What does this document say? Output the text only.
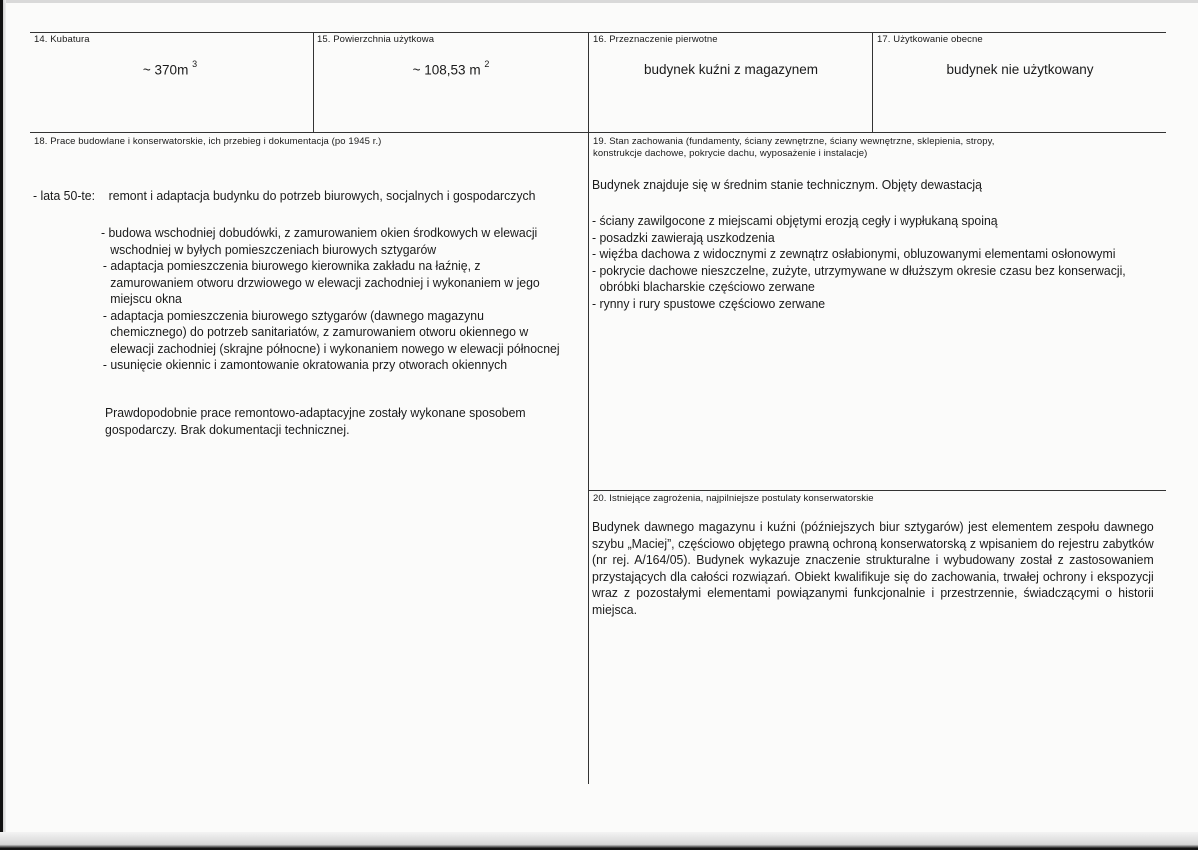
14. Kubatura
~ 370m $^3$
15. Powierzchnia użytkowa
~ 108,53 m $^2$
16. Przeznaczenie pierwotne
budynek kuźni z magazynem
17. Użytkowanie obecne
budynek nie użytkowany
18. Prace budowlane i konserwatorskie, ich przebieg i dokumentacja (po 1945 r.)
- lata 50-te: remont i adaptacja budynku do potrzeb biurowych, socjalnych i gospodarczych
- budowa wschodniej dobudówki, z zamurowaniem okien środkowych w elewacji
wschodniej w byłych pomieszczeniach biurowych sztygarów
- adaptacja pomieszczenia biurowego kierownika zakładu na łaźnię, z
zamurowaniem otworu drzwiowego w elewacji zachodniej i wykonaniem w jego
miejscu okna
- adaptacja pomieszczenia biurowego sztygarów (dawnego magazynu
chemicznego) do potrzeb sanitariatów, z zamurowaniem otworu okiennego w
elewacji zachodniej (skrajne północne) i wykonaniem nowego w elewacji północnej
- usunięcie okiennic i zamontowanie okratowania przy otworach okiennych
Prawdopodobnie prace remontowo-adaptacyjne zostały wykonane sposobem
gospodarczy. Brak dokumentacji technicznej.
19. Stan zachowania (fundamenty, ściany zewnętrzne, ściany wewnętrzne, sklepienia, stropy,
konstrukcje dachowe, pokrycie dachu, wyposażenie i instalacje)
Budynek znajduje się w średnim stanie technicznym. Objęty dewastacją
- ściany zawilgocone z miejscami objętymi erozją cegły i wypłukaną spoiną
- posadzki zawierają uszkodzenia
- więźba dachowa z widocznymi z zewnątrz osłabionymi, obluzowanymi elementami osłonowymi
- pokrycie dachowe nieszczelne, zużyte, utrzymywane w dłuższym okresie czasu bez konserwacji,
obróbki blacharskie częściowo zerwane
- rynny i rury spustowe częściowo zerwane
20. Istniejące zagrożenia, najpilniejsze postulaty konserwatorskie
Budynek dawnego magazynu i kuźni (późniejszych biur sztygarów) jest elementem zespołu dawnego szybu „Maciej”, częściowo objętego prawną ochroną konserwatorską z wpisaniem do rejestru zabytków (nr rej. A/164/05). Budynek wykazuje znaczenie strukturalne i wybudowany został z zastosowaniem przystających dla całości rozwiązań. Obiekt kwalifikuje się do zachowania, trwałej ochrony i ekspozycji wraz z pozostałymi elementami powiązanymi funkcjonalnie i przestrzennie, świadczącymi o historii miejsca.
